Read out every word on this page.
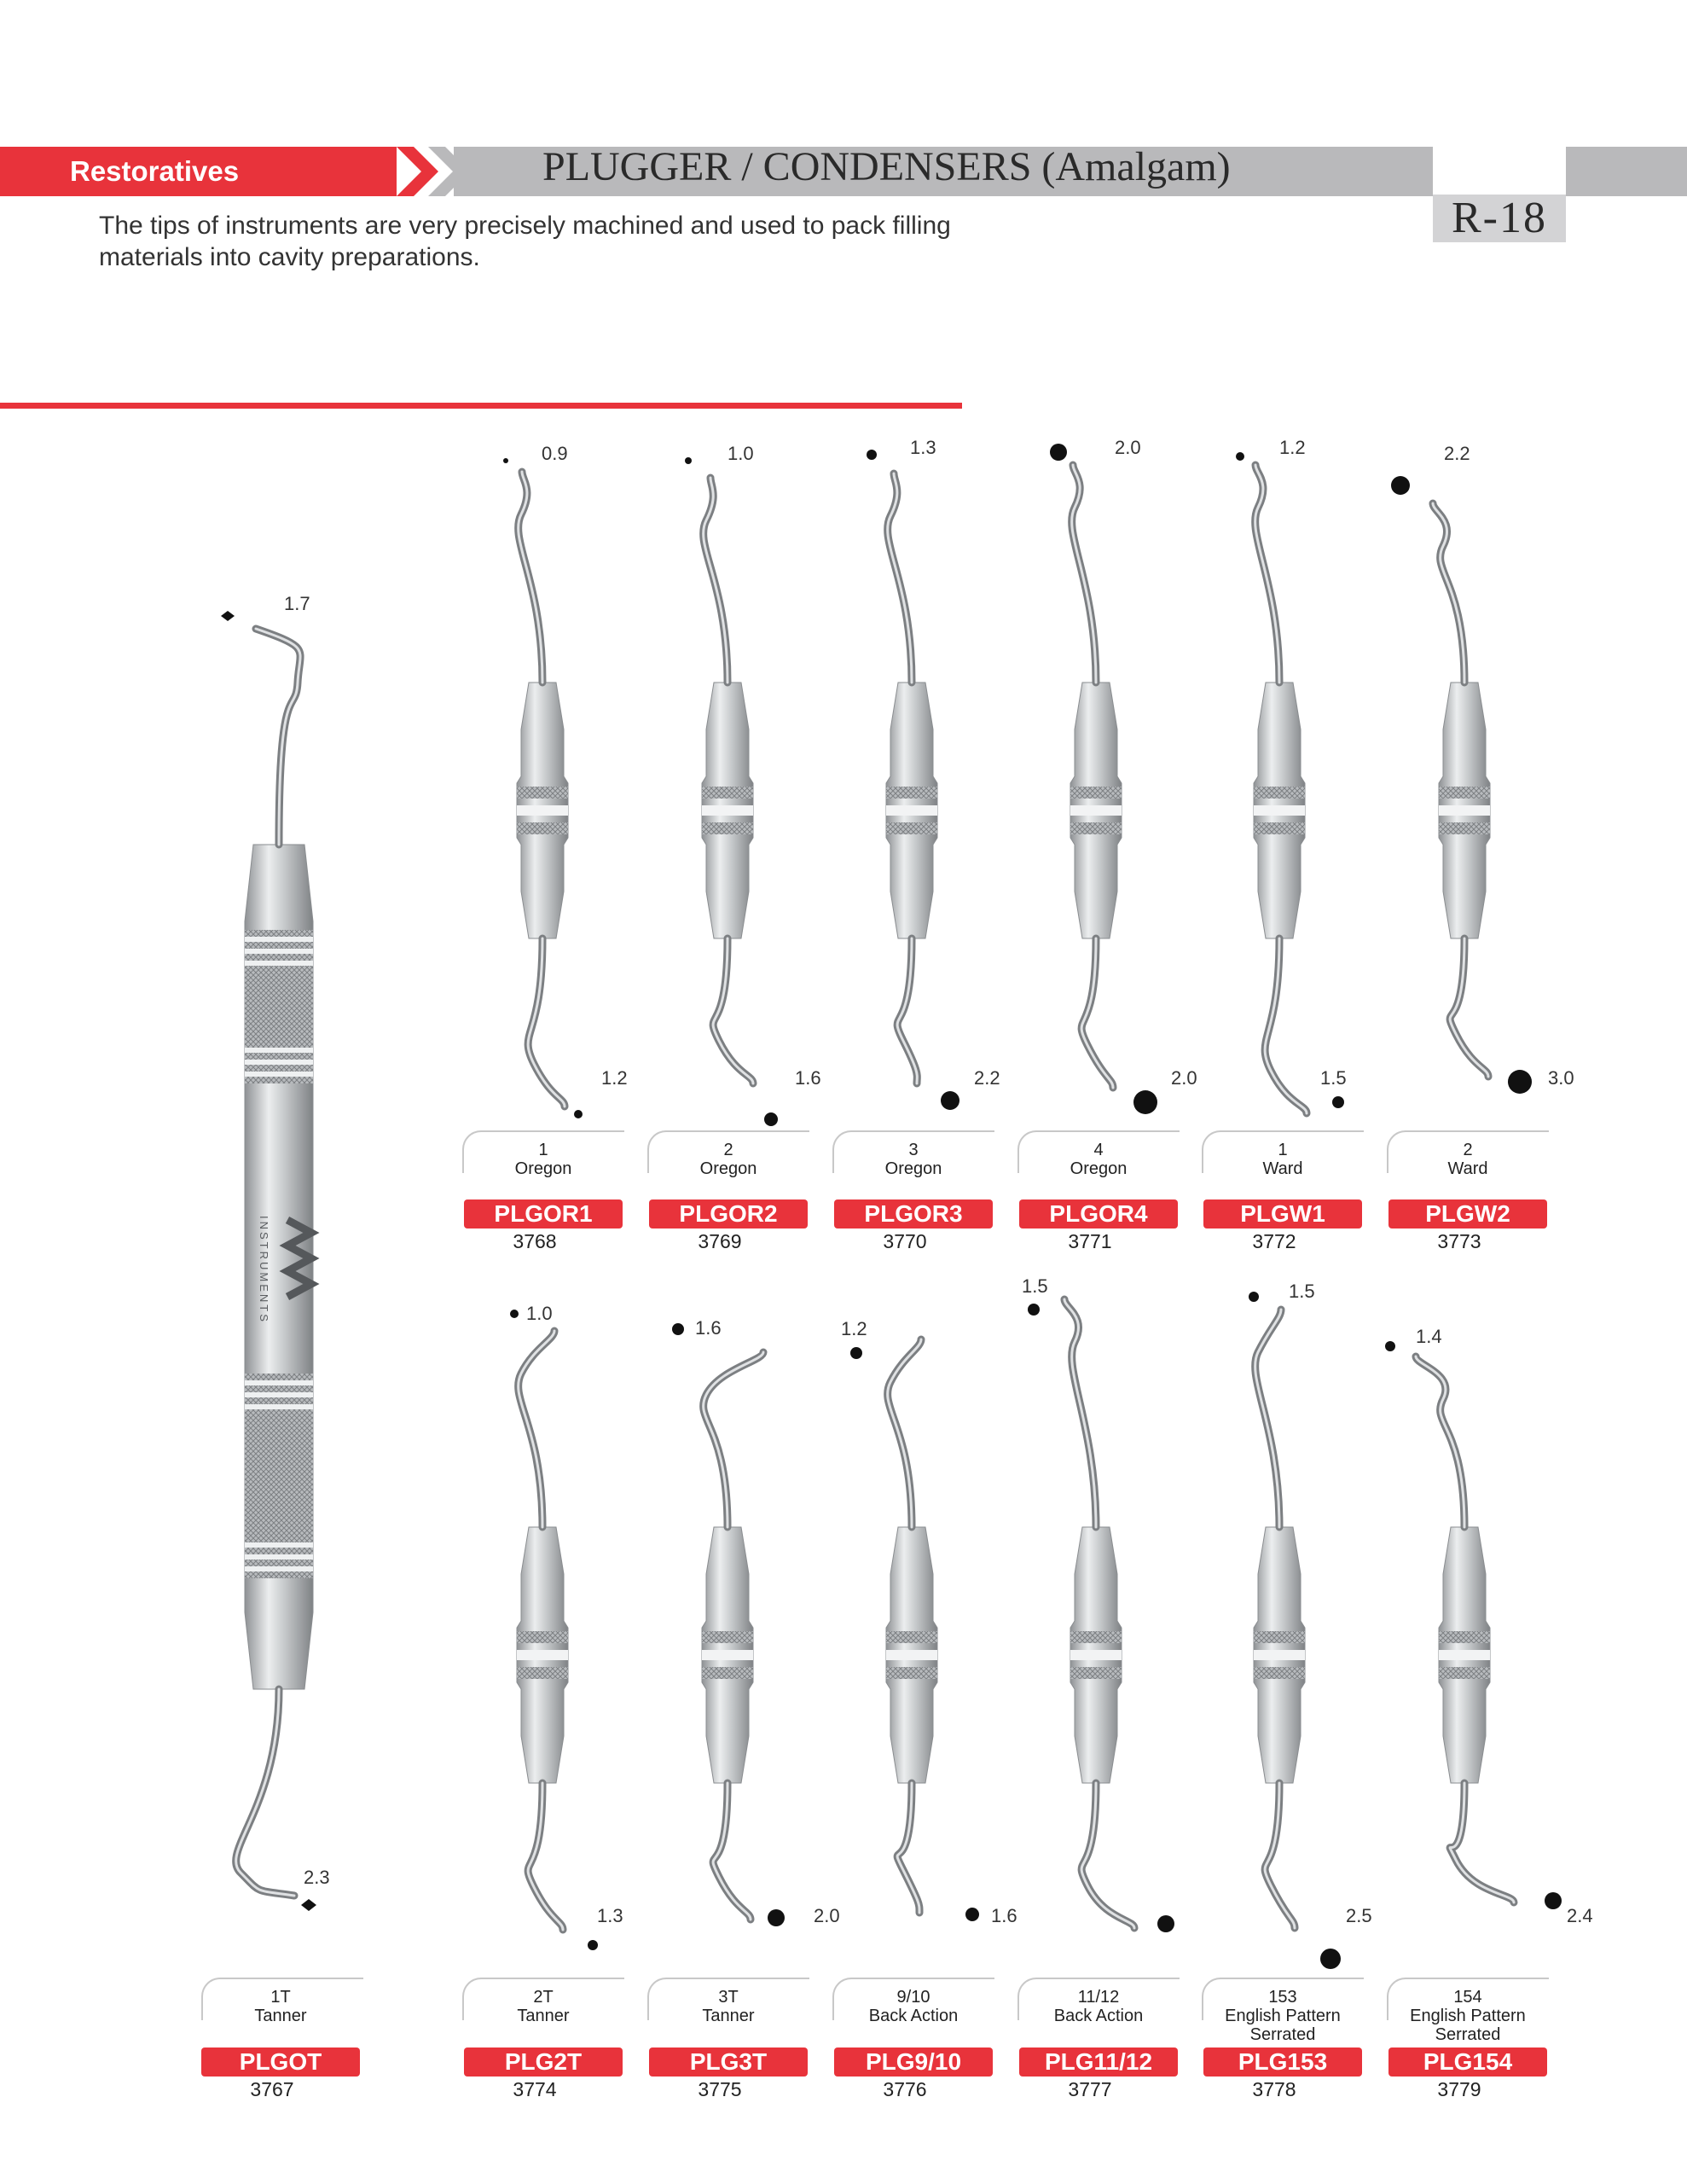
Restoratives	PLUGGER / CONDENSERS (Amalgam)
R-18
The tips of instruments are very precisely machined and used to pack filling materials into cavity preparations.
INSTRUMENTS
1.7
2.3
1T
Tanner
PLGOT
3767
0.9
1.2
1
Oregon
PLGOR1
3768
1.0
1.6
2
Oregon
PLGOR2
3769
1.3
2.2
3
Oregon
PLGOR3
3770
2.0
2.0
4
Oregon
PLGOR4
3771
1.2
1.5
1
Ward
PLGW1
3772
2.2
3.0
2
Ward
PLGW2
3773
1.0
1.3
2T
Tanner
PLG2T
3774
1.6
2.0
3T
Tanner
PLG3T
3775
1.2
1.6
9/10
Back Action
PLG9/10
3776
1.5
11/12
Back Action
PLG11/12
3777
1.5
2.5
153
English Pattern
Serrated
PLG153
3778
1.4
2.4
154
English Pattern
Serrated
PLG154
3779
